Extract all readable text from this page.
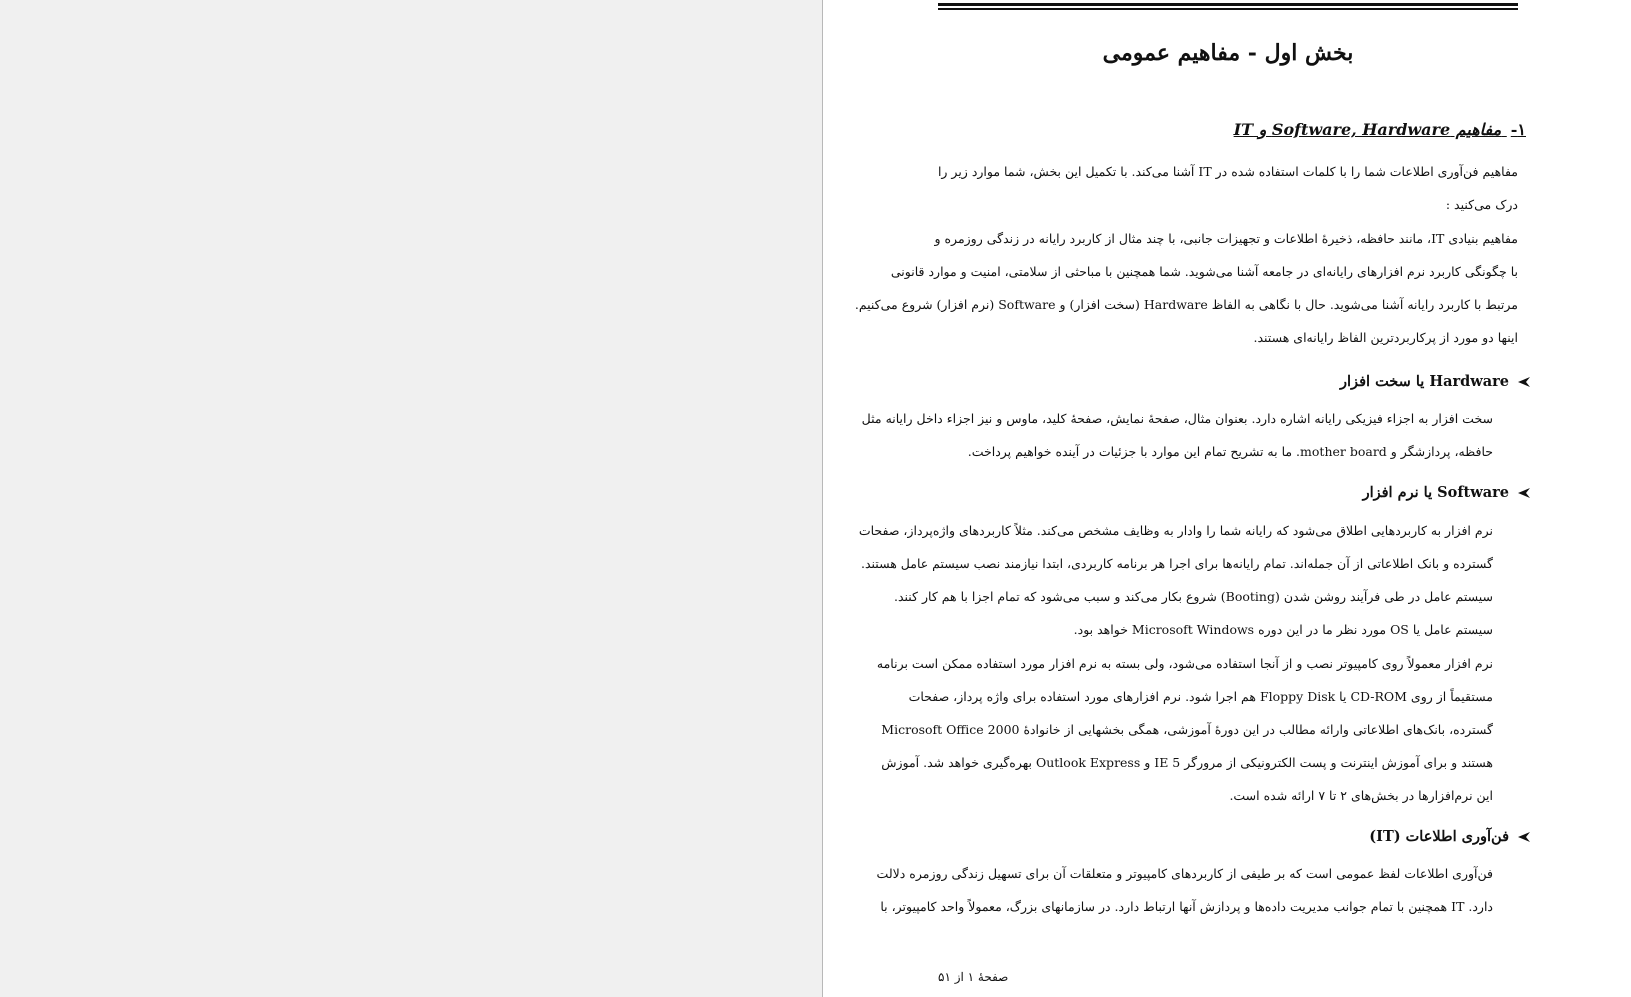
بخش اول - مفاهیم عمومی
۱- مفاهیم Software, Hardware و IT
مفاهیم فن‌آوری اطلاعات شما را با کلمات استفاده شده در IT آشنا می‌کند. با تکمیل این بخش، شما موارد زیر را
درک می‌کنید :
مفاهیم بنیادی IT، مانند حافظه، ذخیرهٔ اطلاعات و تجهیزات جانبی، با چند مثال از کاربرد رایانه در زندگی روزمره و
با چگونگی کاربرد نرم افزارهای رایانه‌ای در جامعه آشنا می‌شوید. شما همچنین با مباحثی از سلامتی، امنیت و موارد قانونی
مرتبط با کاربرد رایانه آشنا می‌شوید. حال با نگاهی به الفاظ Hardware (سخت افزار) و Software (نرم افزار) شروع می‌کنیم.
اینها دو مورد از پرکاربردترین الفاظ رایانه‌ای هستند.
Hardware یا سخت افزار
سخت افزار به اجزاء فیزیکی رایانه اشاره دارد. بعنوان مثال، صفحهٔ نمایش، صفحهٔ کلید، ماوس و نیز اجزاء داخل رایانه مثل
حافظه، پردازشگر و mother board. ما به تشریح تمام این موارد با جزئیات در آینده خواهیم پرداخت.
Software یا نرم افزار
نرم افزار به کاربردهایی اطلاق می‌شود که رایانه شما را وادار به وظایف مشخص می‌کند. مثلاً کاربردهای واژه‌پرداز، صفحات
گسترده و بانک اطلاعاتی از آن جمله‌اند. تمام رایانه‌ها برای اجرا هر برنامه کاربردی، ابتدا نیازمند نصب سیستم عامل هستند.
سیستم عامل در طی فرآیند روشن شدن (Booting) شروع بکار می‌کند و سبب می‌شود که تمام اجزا با هم کار کنند.
سیستم عامل یا OS مورد نظر ما در این دوره Microsoft Windows خواهد بود.
نرم افزار معمولاً روی کامپیوتر نصب و از آنجا استفاده می‌شود، ولی بسته به نرم افزار مورد استفاده ممکن است برنامه
مستقیماً از روی CD-ROM یا Floppy Disk هم اجرا شود. نرم افزارهای مورد استفاده برای واژه پرداز، صفحات
گسترده، بانک‌های اطلاعاتی وارائه مطالب در این دورهٔ آموزشی، همگی بخشهایی از خانوادهٔ Microsoft Office 2000
هستند و برای آموزش اینترنت و پست الکترونیکی از مرورگر IE 5 و Outlook Express بهره‌گیری خواهد شد. آموزش
این نرم‌افزارها در بخش‌های ۲ تا ۷ ارائه شده است.
فن‌آوری اطلاعات (IT)
فن‌آوری اطلاعات لفظ عمومی است که بر طیفی از کاربردهای کامپیوتر و متعلقات آن برای تسهیل زندگی روزمره دلالت
دارد. IT همچنین با تمام جوانب مدیریت داده‌ها و پردازش آنها ارتباط دارد. در سازمانهای بزرگ، معمولاً واحد کامپیوتر، با
صفحهٔ ۱ از ۵۱
